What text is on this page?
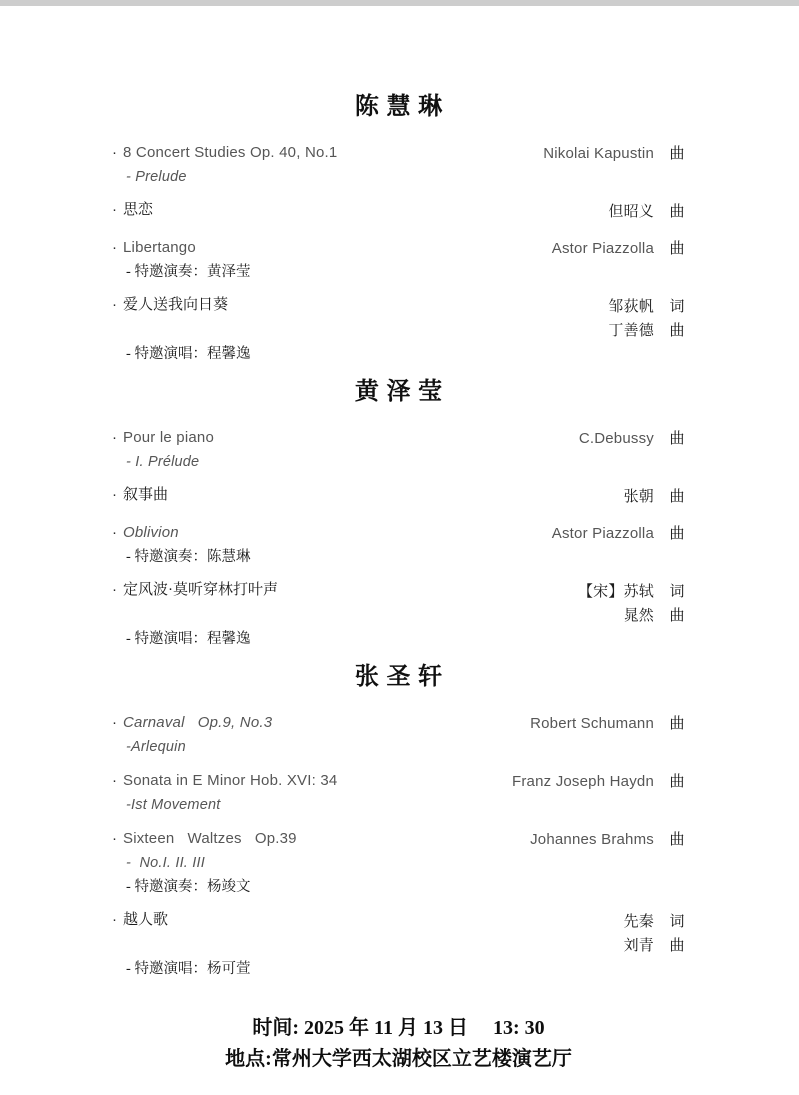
陈慧琳
· 8 Concert Studies Op. 40, No.1
- Prelude
Nikolai Kapustin 曲
· 思恋	但昭义 曲
· Libertango
- 特邀演奏：黄泽莹
Astor Piazzolla 曲
· 爱人送我向日葵
- 特邀演唱：程馨逸
邹荻帆 词
丁善德 曲
黄泽莹
· Pour le piano
- I. Prélude
C.Debussy 曲
· 叙事曲	张朝 曲
· Oblivion
- 特邀演奏：陈慧琳
Astor Piazzolla 曲
· 定风波·莫听穿林打叶声
- 特邀演唱：程馨逸
【宋】苏轼 词
晁然 曲
张圣轩
· Carnaval   Op.9, No.3
-Arlequin
Robert Schumann 曲
· Sonata in E Minor Hob. XVI: 34
-Ist Movement
Franz Joseph Haydn 曲
· Sixteen   Waltzes   Op.39
-  No.I. II. III
- 特邀演奏：杨竣文
Johannes Brahms 曲
· 越人歌
- 特邀演唱：杨可萱
先秦 词
刘青 曲
时间: 2025 年 11 月 13 日     13: 30
地点:常州大学西太湖校区立艺楼演艺厅
